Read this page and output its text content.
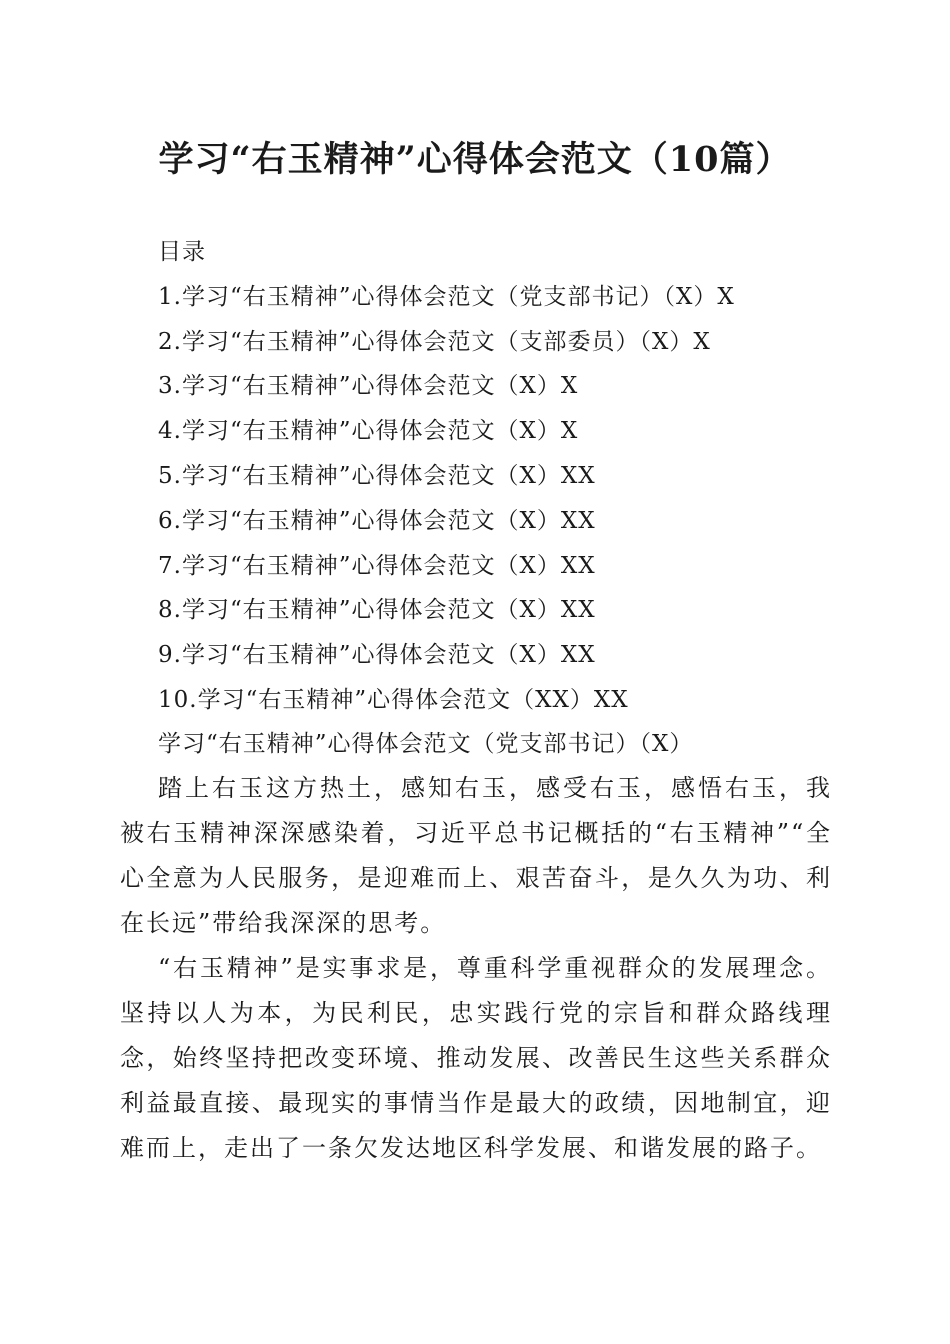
学习“右玉精神”心得体会范文（10篇）
目录
1.学习“右玉精神”心得体会范文（党支部书记）（X）X
2.学习“右玉精神”心得体会范文（支部委员）（X）X
3.学习“右玉精神”心得体会范文（X）X
4.学习“右玉精神”心得体会范文（X）X
5.学习“右玉精神”心得体会范文（X）XX
6.学习“右玉精神”心得体会范文（X）XX
7.学习“右玉精神”心得体会范文（X）XX
8.学习“右玉精神”心得体会范文（X）XX
9.学习“右玉精神”心得体会范文（X）XX
10.学习“右玉精神”心得体会范文（XX）XX
学习“右玉精神”心得体会范文（党支部书记）（X）

踏上右玉这方热土，感知右玉，感受右玉，感悟右玉，我被右玉精神深深感染着，习近平总书记概括的“右玉精神”“全心全意为人民服务，是迎难而上、艰苦奋斗，是久久为功、利在长远”带给我深深的思考。

“右玉精神”是实事求是，尊重科学重视群众的发展理念。坚持以人为本，为民利民，忠实践行党的宗旨和群众路线理念，始终坚持把改变环境、推动发展、改善民生这些关系群众利益最直接、最现实的事情当作是最大的政绩，因地制宜，迎难而上，走出了一条欠发达地区科学发展、和谐发展的路子。
